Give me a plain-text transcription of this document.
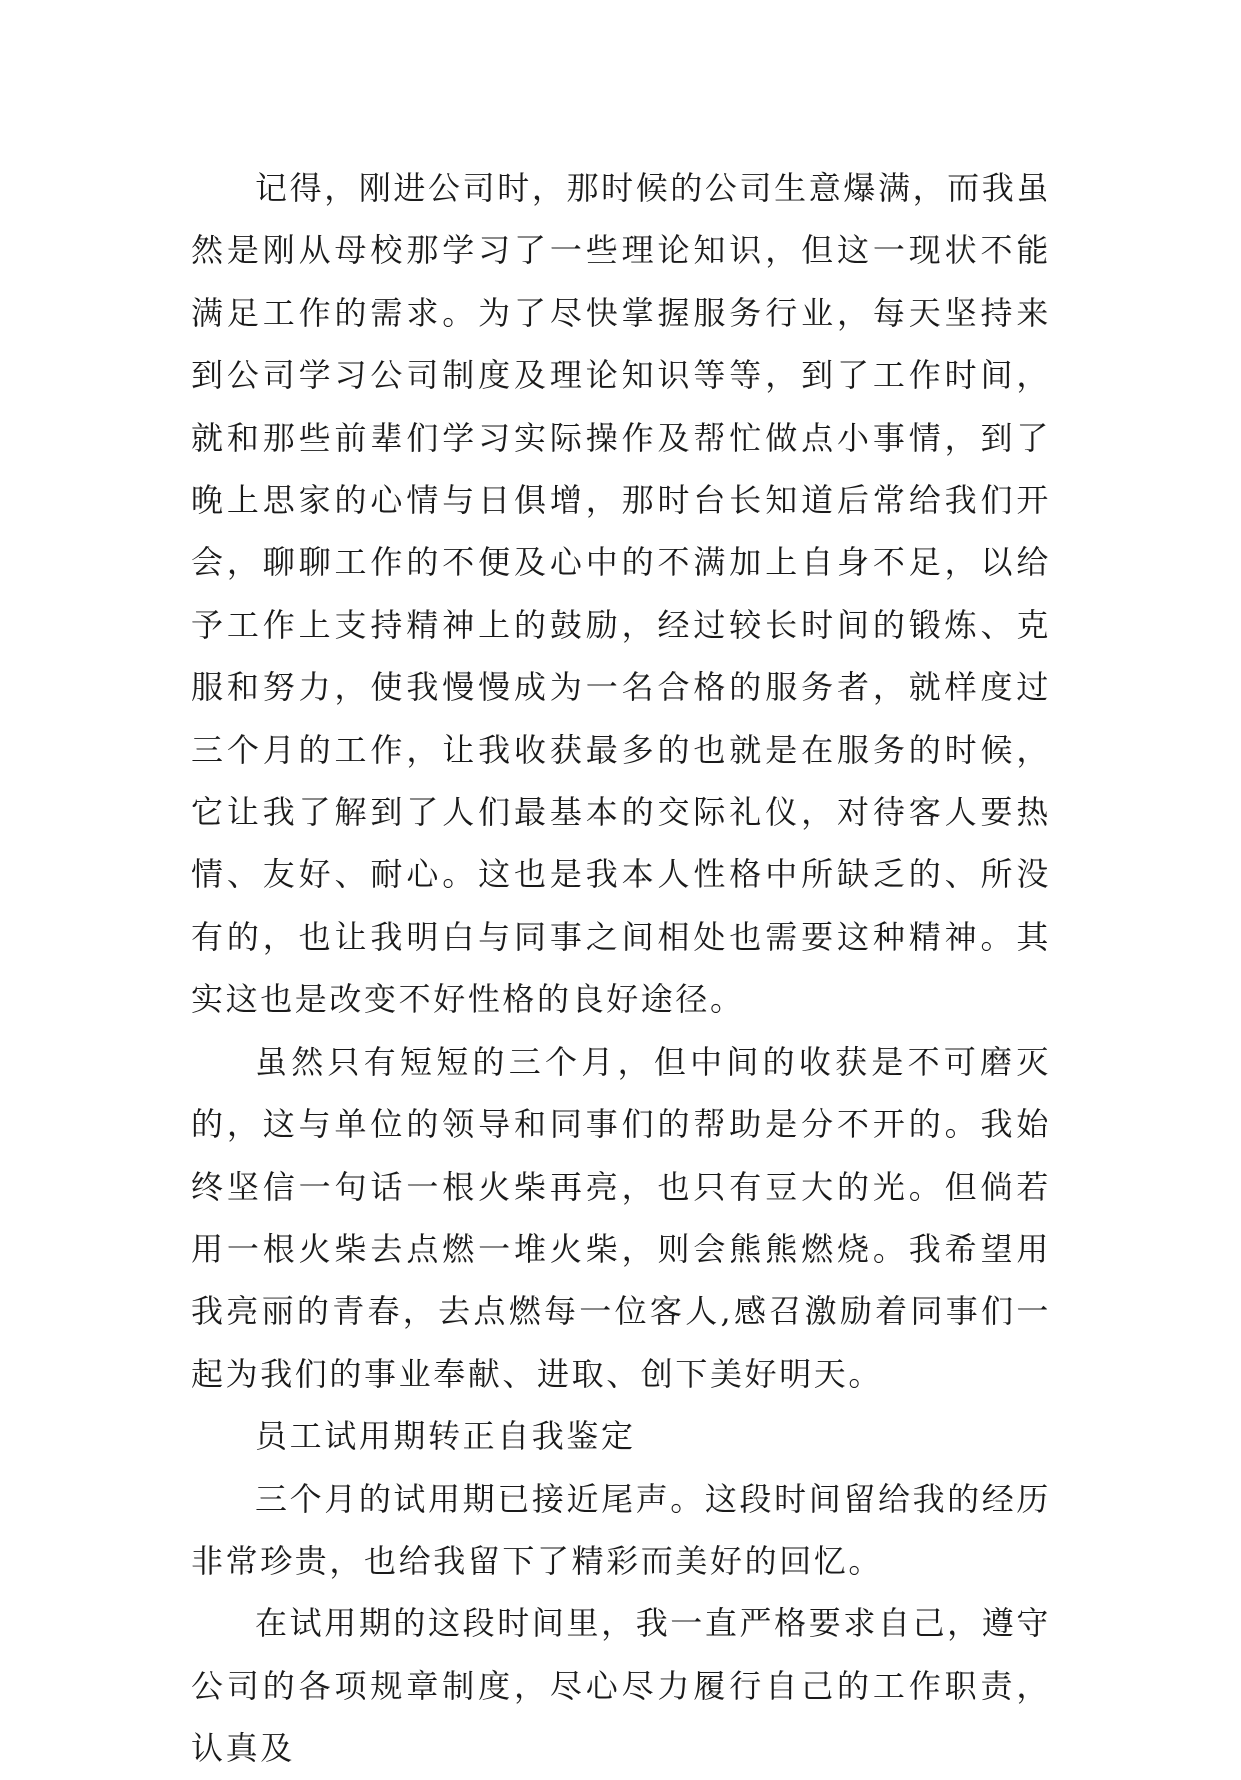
记得，刚进公司时，那时候的公司生意爆满，而我虽然是刚从母校那学习了一些理论知识，但这一现状不能满足工作的需求。为了尽快掌握服务行业，每天坚持来到公司学习公司制度及理论知识等等，到了工作时间，就和那些前辈们学习实际操作及帮忙做点小事情，到了晚上思家的心情与日俱增，那时台长知道后常给我们开会，聊聊工作的不便及心中的不满加上自身不足，以给予工作上支持精神上的鼓励，经过较长时间的锻炼、克服和努力，使我慢慢成为一名合格的服务者，就样度过三个月的工作，让我收获最多的也就是在服务的时候，它让我了解到了人们最基本的交际礼仪，对待客人要热情、友好、耐心。这也是我本人性格中所缺乏的、所没有的，也让我明白与同事之间相处也需要这种精神。其实这也是改变不好性格的良好途径。

虽然只有短短的三个月，但中间的收获是不可磨灭的，这与单位的领导和同事们的帮助是分不开的。我始终坚信一句话一根火柴再亮，也只有豆大的光。但倘若用一根火柴去点燃一堆火柴，则会熊熊燃烧。我希望用我亮丽的青春，去点燃每一位客人,感召激励着同事们一起为我们的事业奉献、进取、创下美好明天。

员工试用期转正自我鉴定

三个月的试用期已接近尾声。这段时间留给我的经历非常珍贵，也给我留下了精彩而美好的回忆。

在试用期的这段时间里，我一直严格要求自己，遵守公司的各项规章制度，尽心尽力履行自己的工作职责，认真及
